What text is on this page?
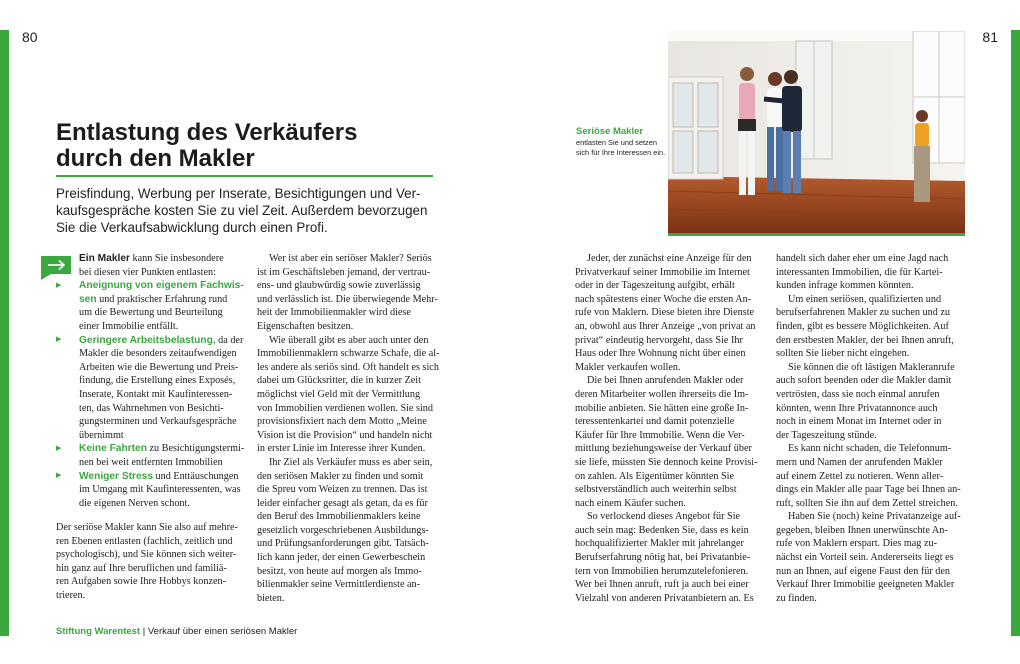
80	81
Entlastung des Verkäufers
durch den Makler
Preisfindung, Werbung per Inserate, Besichtigungen und Ver-
kaufsgespräche kosten Sie zu viel Zeit. Außerdem bevorzugen
Sie die Verkaufsabwicklung durch einen Profi.
Ein Makler kann Sie insbesondere
bei diesen vier Punkten entlasten:
Aneignung von eigenem Fachwis-
sen und praktischer Erfahrung rund
um die Bewertung und Beurteilung
einer Immobilie entfällt.
Geringere Arbeitsbelastung, da der
Makler die besonders zeitaufwendigen
Arbeiten wie die Bewertung und Preis-
findung, die Erstellung eines Exposés,
Inserate, Kontakt mit Kaufinteressen-
ten, das Wahrnehmen von Besichti-
gungsterminen und Verkaufsgespräche
übernimmt
Keine Fahrten zu Besichtigungstermi-
nen bei weit entfernten Immobilien
Weniger Stress und Enttäuschungen
im Umgang mit Kaufinteressenten, was
die eigenen Nerven schont.
▶
▶
▶
▶
Der seriöse Makler kann Sie also auf mehre-
ren Ebenen entlasten (fachlich, zeitlich und
psychologisch), und Sie können sich weiter-
hin ganz auf Ihre beruflichen und familiä-
ren Aufgaben sowie Ihre Hobbys konzen-
trieren.
Wer ist aber ein seriöser Makler? Seriös
ist im Geschäftsleben jemand, der vertrau-
ens- und glaubwürdig sowie zuverlässig
und verlässlich ist. Die überwiegende Mehr-
heit der Immobilienmakler wird diese
Eigenschaften besitzen.
Wie überall gibt es aber auch unter den
Immobilienmaklern schwarze Schafe, die al-
les andere als seriös sind. Oft handelt es sich
dabei um Glücksritter, die in kurzer Zeit
möglichst viel Geld mit der Vermittlung
von Immobilien verdienen wollen. Sie sind
provisionsfixiert nach dem Motto „Meine
Vision ist die Provision“ und handeln nicht
in erster Linie im Interesse ihrer Kunden.
Ihr Ziel als Verkäufer muss es aber sein,
den seriösen Makler zu finden und somit
die Spreu vom Weizen zu trennen. Das ist
leider einfacher gesagt als getan, da es für
den Beruf des Immobilienmaklers keine
gesetzlich vorgeschriebenen Ausbildungs-
und Prüfungsanforderungen gibt. Tatsäch-
lich kann jeder, der einen Gewerbeschein
besitzt, von heute auf morgen als Immo-
bilienmakler seine Vermittlerdienste an-
bieten.
Seriöse Makler
entlasten Sie und setzen
sich für Ihre Interessen ein.
Jeder, der zunächst eine Anzeige für den
Privatverkauf seiner Immobilie im Internet
oder in der Tageszeitung aufgibt, erhält
nach spätestens einer Woche die ersten An-
rufe von Maklern. Diese bieten ihre Dienste
an, obwohl aus Ihrer Anzeige „von privat an
privat“ eindeutig hervorgeht, dass Sie Ihr
Haus oder Ihre Wohnung nicht über einen
Makler verkaufen wollen.
Die bei Ihnen anrufenden Makler oder
deren Mitarbeiter wollen ihrerseits die Im-
mobilie anbieten. Sie hätten eine große In-
teressentenkartei und damit potenzielle
Käufer für Ihre Immobilie. Wenn die Ver-
mittlung beziehungsweise der Verkauf über
sie liefe, müssten Sie dennoch keine Provisi-
on zahlen. Als Eigentümer könnten Sie
selbstverständlich auch weiterhin selbst
nach einem Käufer suchen.
So verlockend dieses Angebot für Sie
auch sein mag: Bedenken Sie, dass es kein
hochqualifizierter Makler mit jahrelanger
Berufserfahrung nötig hat, bei Privatanbie-
tern von Immobilien herumzutelefonieren.
Wer bei Ihnen anruft, ruft ja auch bei einer
Vielzahl von anderen Privatanbietern an. Es
handelt sich daher eher um eine Jagd nach
interessanten Immobilien, die für Kartei-
kunden infrage kommen könnten.
Um einen seriösen, qualifizierten und
berufserfahrenen Makler zu suchen und zu
finden, gibt es bessere Möglichkeiten. Auf
den erstbesten Makler, der bei Ihnen anruft,
sollten Sie lieber nicht eingehen.
Sie können die oft lästigen Makleranrufe
auch sofort beenden oder die Makler damit
vertrösten, dass sie noch einmal anrufen
könnten, wenn Ihre Privatannonce auch
noch in einem Monat im Internet oder in
der Tageszeitung stünde.
Es kann nicht schaden, die Telefonnum-
mern und Namen der anrufenden Makler
auf einem Zettel zu notieren. Wenn aller-
dings ein Makler alle paar Tage bei Ihnen an-
ruft, sollten Sie ihn auf dem Zettel streichen.
Haben Sie (noch) keine Privatanzeige auf-
gegeben, bleiben Ihnen unerwünschte An-
rufe von Maklern erspart. Dies mag zu-
nächst ein Vorteil sein. Andererseits liegt es
nun an Ihnen, auf eigene Faust den für den
Verkauf Ihrer Immobilie geeigneten Makler
zu finden.
Stiftung Warentest | Verkauf über einen seriösen Makler
